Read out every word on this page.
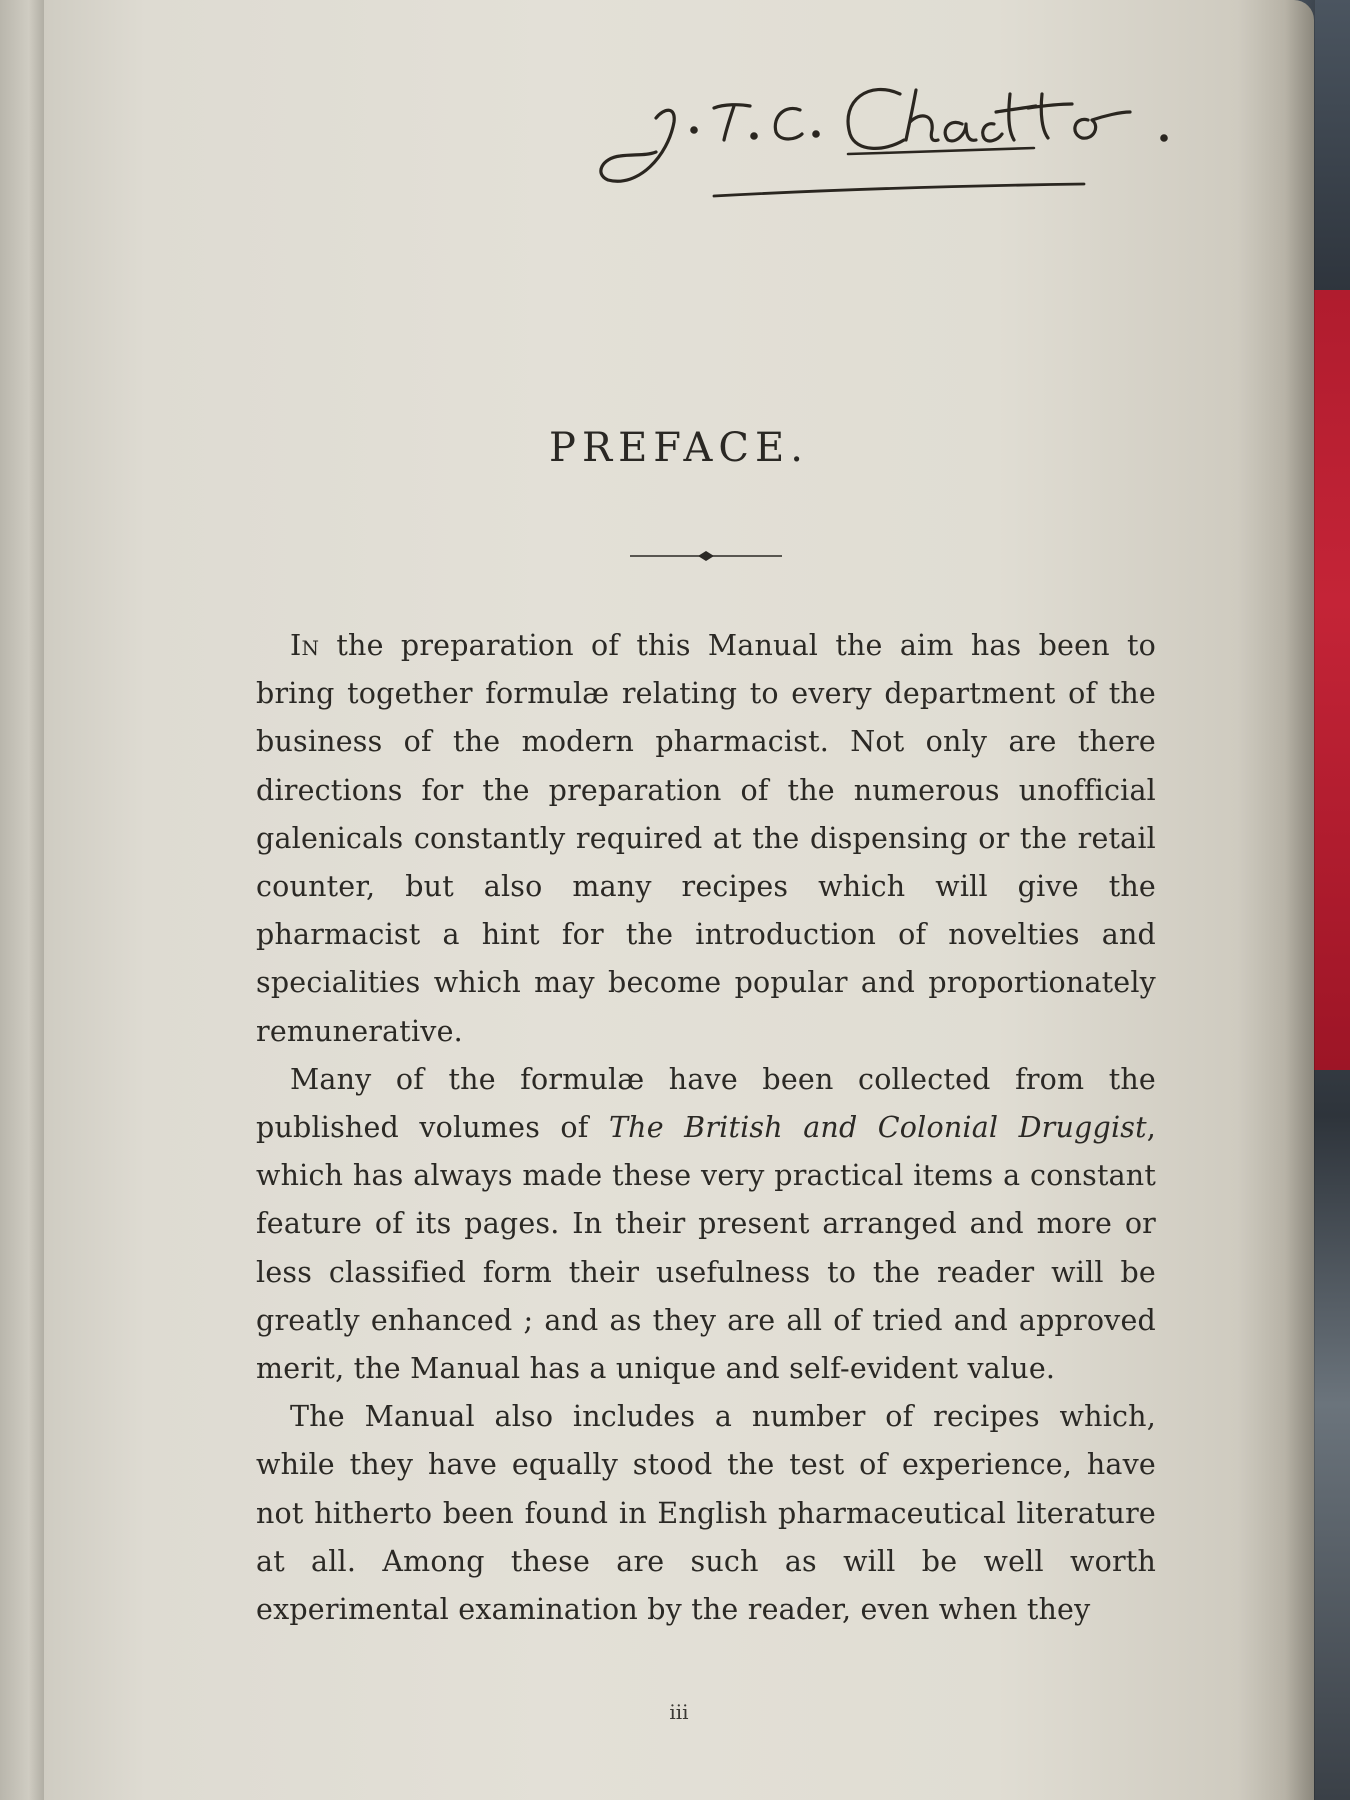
PREFACE.

In the preparation of this Manual the aim has been to bring together formulæ relating to every department of the business of the modern pharmacist. Not only are there directions for the preparation of the numerous unofficial galenicals constantly required at the dispensing or the retail counter, but also many recipes which will give the pharmacist a hint for the introduction of novelties and specialities which may become popular and proportionately remunerative.

Many of the formulæ have been collected from the published volumes of The British and Colonial Druggist, which has always made these very practical items a constant feature of its pages. In their present arranged and more or less classified form their usefulness to the reader will be greatly enhanced ; and as they are all of tried and approved merit, the Manual has a unique and self-evident value.

The Manual also includes a number of recipes which, while they have equally stood the test of experience, have not hitherto been found in English pharmaceutical literature at all. Among these are such as will be well worth experimental examination by the reader, even when they

iii
